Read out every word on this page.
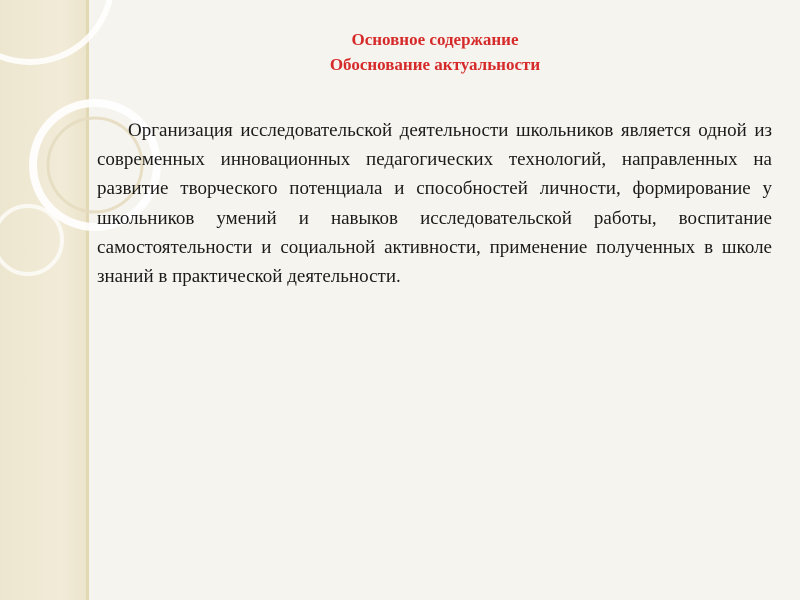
Основное содержание
Обоснование актуальности

Организация исследовательской деятельности школьников является одной из современных инновационных педагогических технологий, направленных на развитие творческого потенциала и способностей личности, формирование у школьников умений и навыков исследовательской работы, воспитание самостоятельности и социальной активности, применение полученных в школе знаний в практической деятельности.
